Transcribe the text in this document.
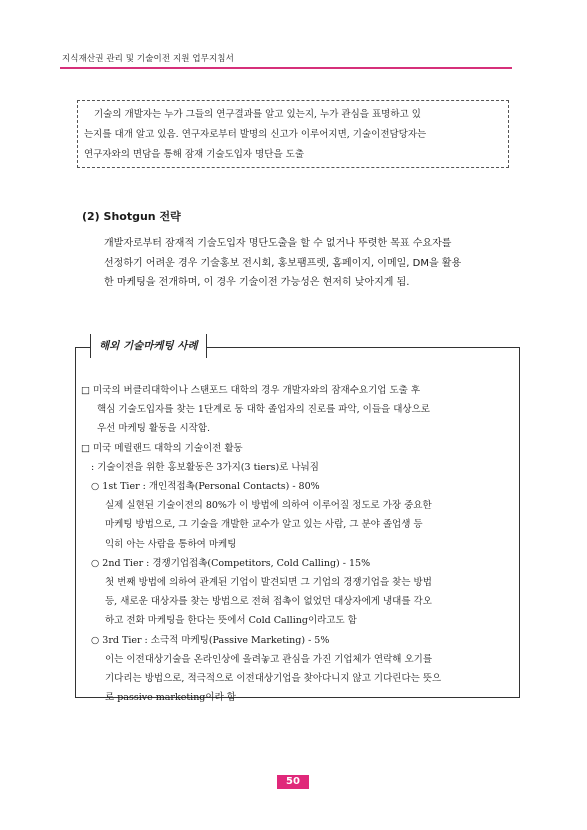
지식재산권 관리 및 기술이전 지원 업무지침서

기술의 개발자는 누가 그들의 연구결과를 알고 있는지, 누가 관심을 표명하고 있

는지를 대개 알고 있음. 연구자로부터 발명의 신고가 이루어지면, 기술이전담당자는

연구자와의 면담을 통해 잠재 기술도입자 명단을 도출

(2) Shotgun 전략

개발자로부터 잠재적 기술도입자 명단도출을 할 수 없거나 뚜렷한 목표 수요자를

선정하기 어려운 경우 기술홍보 전시회, 홍보팸프렛, 홈페이지, 이메일, DM을 활용

한 마케팅을 전개하며, 이 경우 기술이전 가능성은 현저히 낮아지게 됨.

해외 기술마케팅 사례

□ 미국의 버클리대학이나 스탠포드 대학의 경우 개발자와의 잠재수요기업 도출 후

핵심 기술도입자를 찾는 1단계로 동 대학 졸업자의 진로를 파악, 이들을 대상으로

우선 마케팅 활동을 시작함.

□ 미국 메릴랜드 대학의 기술이전 활동

: 기술이전을 위한 홍보활동은 3가지(3 tiers)로 나눠짐

○ 1st Tier : 개인적접촉(Personal Contacts) - 80%

실제 실현된 기술이전의 80%가 이 방법에 의하여 이루어질 정도로 가장 중요한

마케팅 방법으로, 그 기술을 개발한 교수가 알고 있는 사람, 그 분야 졸업생 등

익히 아는 사람을 통하여 마케팅

○ 2nd Tier : 경쟁기업접촉(Competitors, Cold Calling) - 15%

첫 번째 방법에 의하여 관계된 기업이 발견되면 그 기업의 경쟁기업을 찾는 방법

등, 새로운 대상자를 찾는 방법으로 전혀 접촉이 없었던 대상자에게 냉대를 각오

하고 전화 마케팅을 한다는 뜻에서 Cold Calling이라고도 함

○ 3rd Tier : 소극적 마케팅(Passive Marketing) - 5%

이는 이전대상기술을 온라인상에 올려놓고 관심을 가진 기업체가 연락해 오기를

기다리는 방법으로, 적극적으로 이전대상기업을 찾아다니지 않고 기다린다는 뜻으

로 passive marketing이라 함

50
